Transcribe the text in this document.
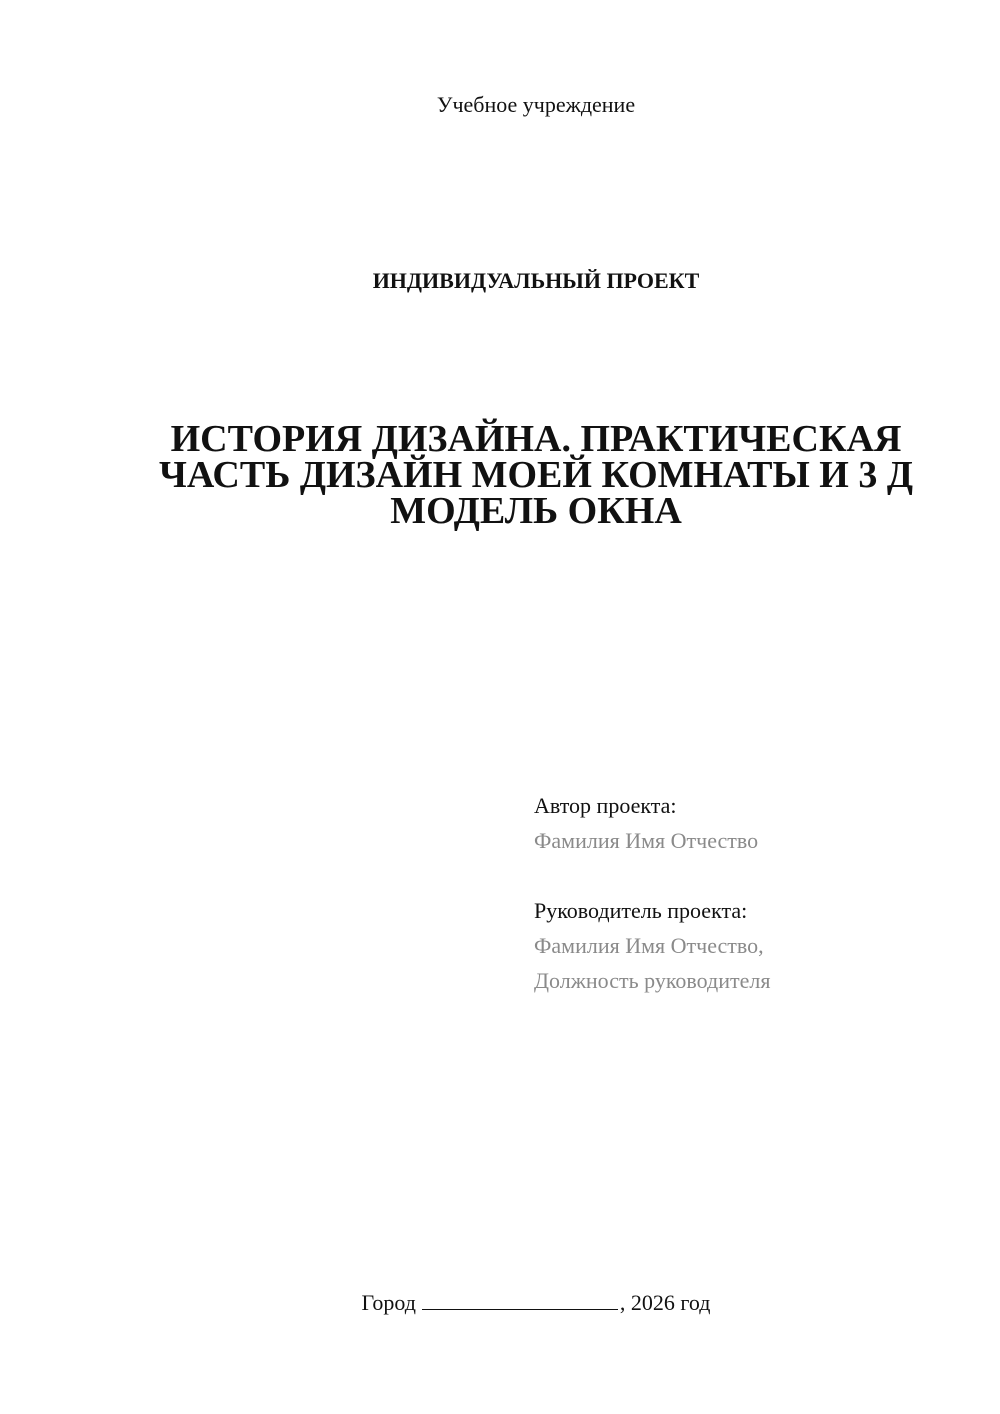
Учебное учреждение
ИНДИВИДУАЛЬНЫЙ ПРОЕКТ
ИСТОРИЯ ДИЗАЙНА. ПРАКТИЧЕСКАЯ
ЧАСТЬ ДИЗАЙН МОЕЙ КОМНАТЫ И 3 Д
МОДЕЛЬ ОКНА
Автор проекта:
Фамилия Имя Отчество
Руководитель проекта:
Фамилия Имя Отчество,
Должность руководителя
Город	, 2026 год
